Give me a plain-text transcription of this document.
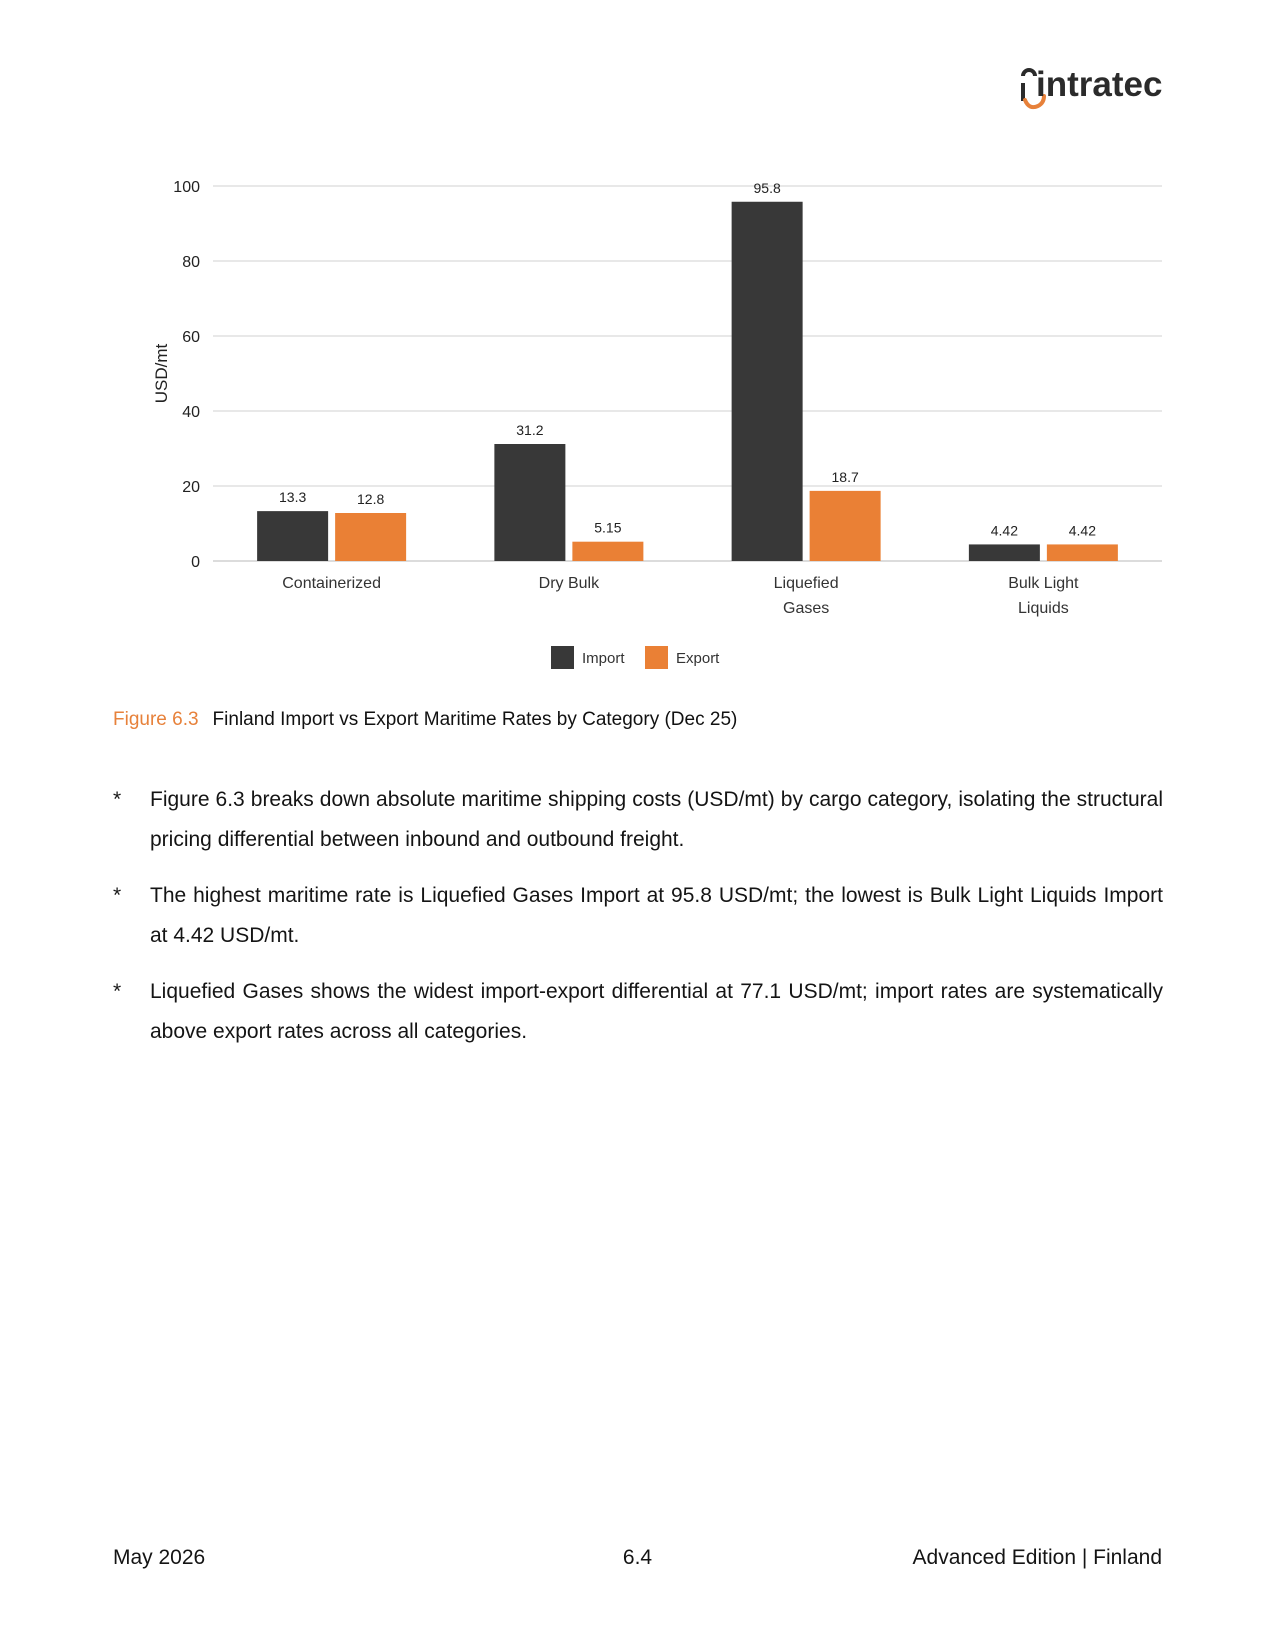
intratec
0
20
40
60
80
100
USD/mt
13.3	12.8
Containerized
31.2
5.15
Dry Bulk
95.8
18.7
Liquefied
Gases
4.42	4.42
Bulk Light
Liquids
Import	Export
Figure 6.3 Finland Import vs Export Maritime Rates by Category (Dec 25)
* Figure 6.3 breaks down absolute maritime shipping costs (USD/mt) by cargo category, isolating the structural pricing differential between inbound and outbound freight.
* The highest maritime rate is Liquefied Gases Import at 95.8 USD/mt; the lowest is Bulk Light Liquids Import at 4.42 USD/mt.
* Liquefied Gases shows the widest import-export differential at 77.1 USD/mt; import rates are systematically above export rates across all categories.
May 2026	6.4	Advanced Edition | Finland
